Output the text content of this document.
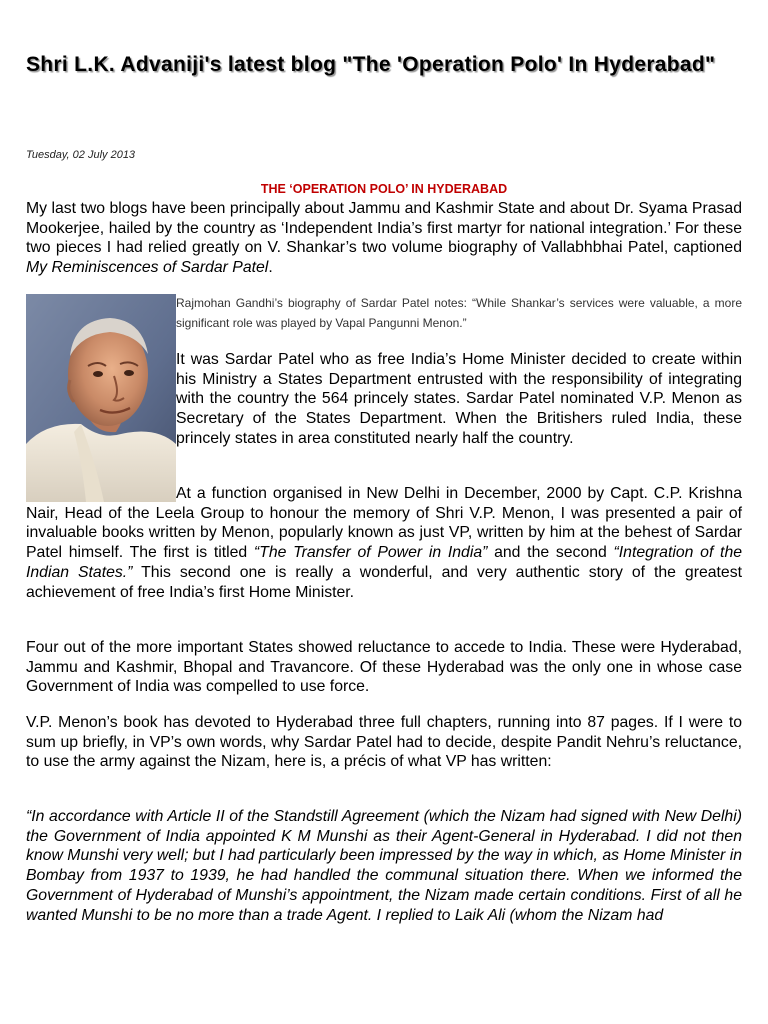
Shri L.K. Advaniji's latest blog "The 'Operation Polo' In Hyderabad"
Tuesday, 02 July 2013
THE ‘OPERATION POLO’ IN HYDERABAD

My last two blogs have been principally about Jammu and Kashmir State and about Dr. Syama Prasad Mookerjee, hailed by the country as ‘Independent India’s first martyr for national integration.’ For these two pieces I had relied greatly on V. Shankar’s two volume biography of Vallabhbhai Patel, captioned My Reminiscences of Sardar Patel.

Rajmohan Gandhi’s biography of Sardar Patel notes: “While Shankar’s services were valuable, a more significant role was played by Vapal Pangunni Menon.”

It was Sardar Patel who as free India’s Home Minister decided to create within his Ministry a States Department entrusted with the responsibility of integrating with the country the 564 princely states. Sardar Patel nominated V.P. Menon as Secretary of the States Department. When the Britishers ruled India, these princely states in area constituted nearly half the country.

At a function organised in New Delhi in December, 2000 by Capt. C.P. Krishna Nair, Head of the Leela Group to honour the memory of Shri V.P. Menon, I was presented a pair of invaluable books written by Menon, popularly known as just VP, written by him at the behest of Sardar Patel himself. The first is titled “The Transfer of Power in India” and the second “Integration of the Indian States.” This second one is really a wonderful, and very authentic story of the greatest achievement of free India’s first Home Minister.

Four out of the more important States showed reluctance to accede to India. These were Hyderabad, Jammu and Kashmir, Bhopal and Travancore. Of these Hyderabad was the only one in whose case Government of India was compelled to use force.

V.P. Menon’s book has devoted to Hyderabad three full chapters, running into 87 pages. If I were to sum up briefly, in VP’s own words, why Sardar Patel had to decide, despite Pandit Nehru’s reluctance, to use the army against the Nizam, here is, a précis of what VP has written:

“In accordance with Article II of the Standstill Agreement (which the Nizam had signed with New Delhi) the Government of India appointed K M Munshi as their Agent-General in Hyderabad. I did not then know Munshi very well; but I had particularly been impressed by the way in which, as Home Minister in Bombay from 1937 to 1939, he had handled the communal situation there. When we informed the Government of Hyderabad of Munshi’s appointment, the Nizam made certain conditions. First of all he wanted Munshi to be no more than a trade Agent. I replied to Laik Ali (whom the Nizam had
